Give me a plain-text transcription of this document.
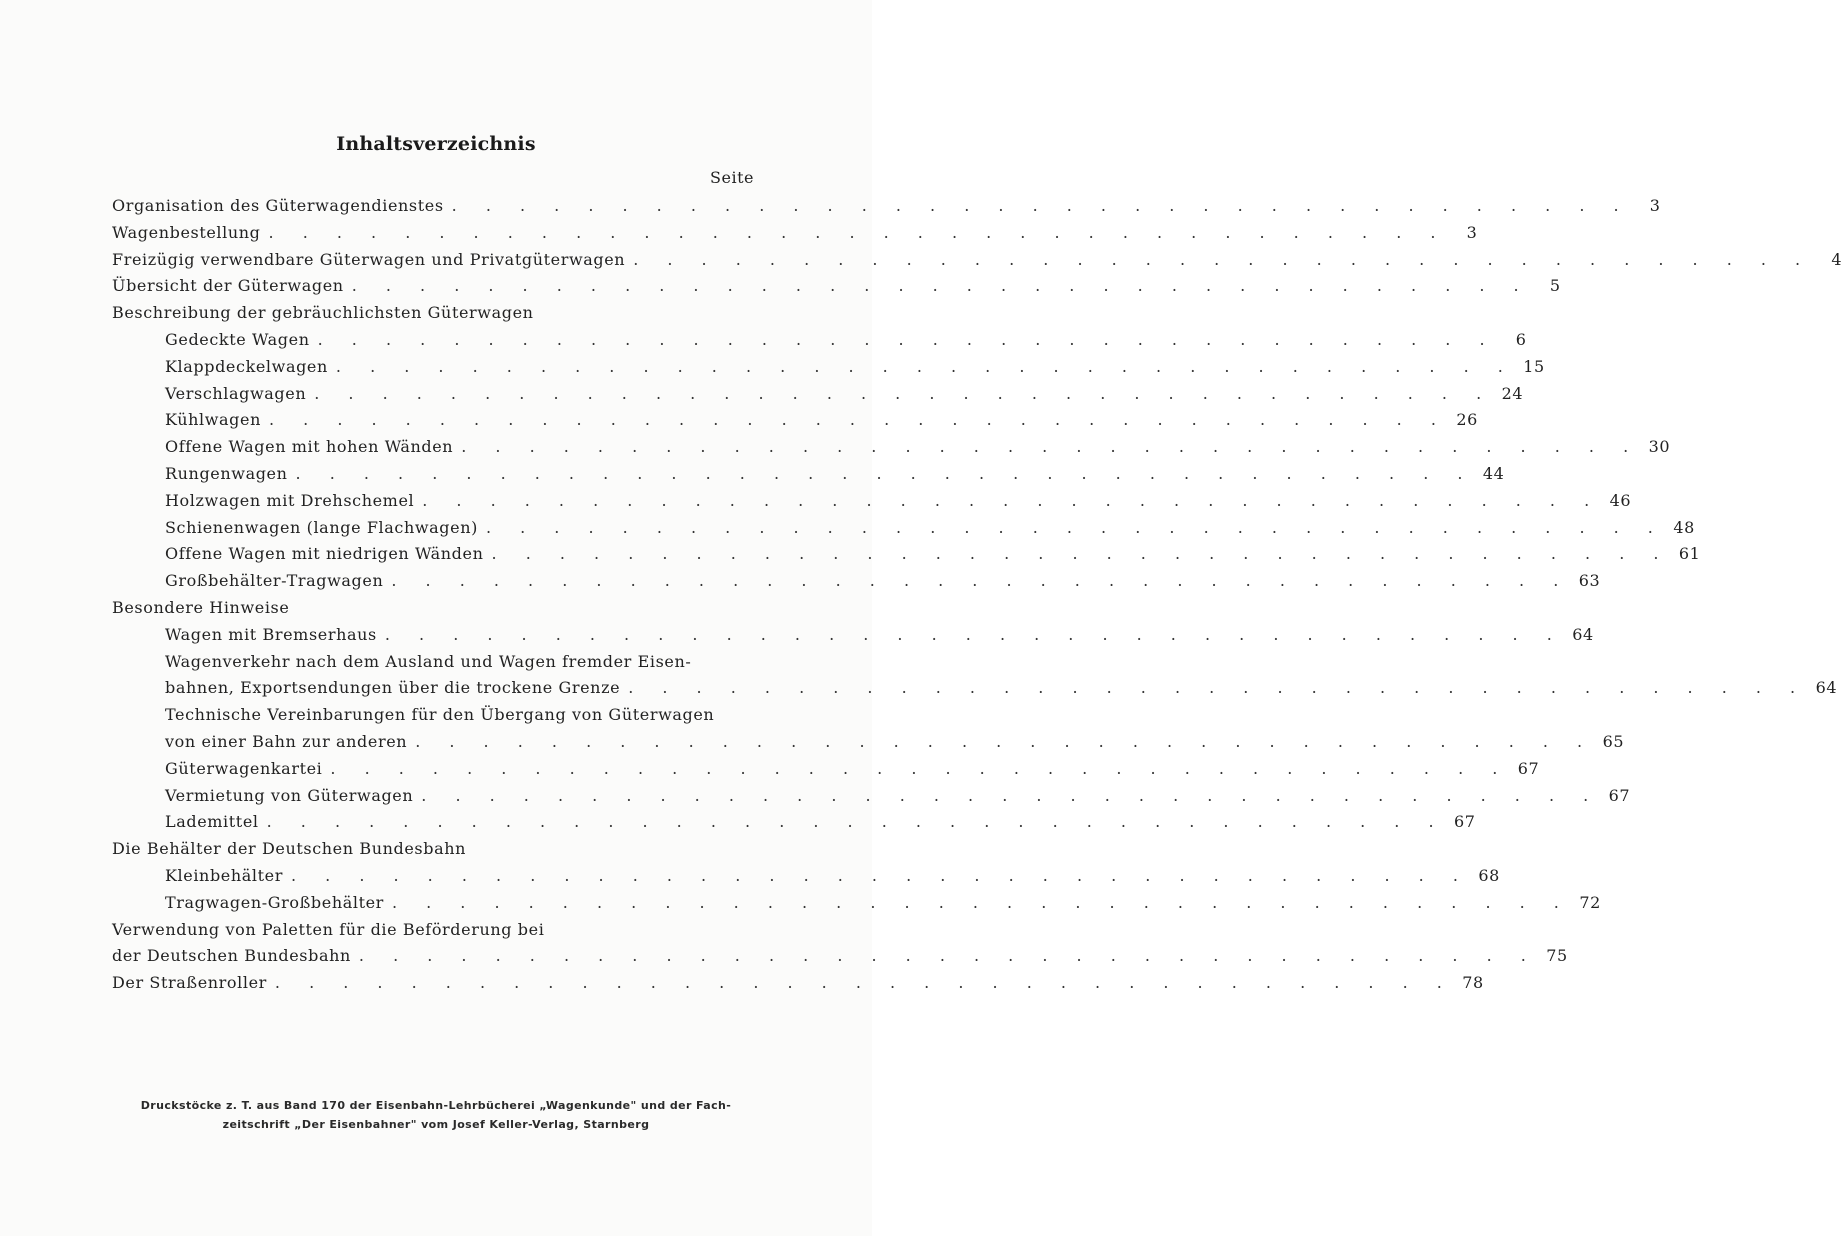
Inhaltsverzeichnis
Seite
Organisation des Güterwagendienstes . . . . . . . . . . . . . . . . . . . . . . . . . . . . . . . . . . .	3
Wagenbestellung . . . . . . . . . . . . . . . . . . . . . . . . . . . . . . . . . . .	3
Freizügig verwendbare Güterwagen und Privatgüterwagen . . . . . . . . . . . . . . . . . . . . . . . . . . . . . . . . . . .	4
Übersicht der Güterwagen . . . . . . . . . . . . . . . . . . . . . . . . . . . . . . . . . . .	5
Beschreibung der gebräuchlichsten Güterwagen
Gedeckte Wagen . . . . . . . . . . . . . . . . . . . . . . . . . . . . . . . . . . .	6
Klappdeckelwagen . . . . . . . . . . . . . . . . . . . . . . . . . . . . . . . . . . . 15
Verschlagwagen . . . . . . . . . . . . . . . . . . . . . . . . . . . . . . . . . . . 24
Kühlwagen . . . . . . . . . . . . . . . . . . . . . . . . . . . . . . . . . . . 26
Offene Wagen mit hohen Wänden . . . . . . . . . . . . . . . . . . . . . . . . . . . . . . . . . . . 30
Rungenwagen . . . . . . . . . . . . . . . . . . . . . . . . . . . . . . . . . . . 44
Holzwagen mit Drehschemel . . . . . . . . . . . . . . . . . . . . . . . . . . . . . . . . . . . 46
Schienenwagen (lange Flachwagen) . . . . . . . . . . . . . . . . . . . . . . . . . . . . . . . . . . . 48
Offene Wagen mit niedrigen Wänden . . . . . . . . . . . . . . . . . . . . . . . . . . . . . . . . . . . 61
Großbehälter-Tragwagen . . . . . . . . . . . . . . . . . . . . . . . . . . . . . . . . . . . 63
Besondere Hinweise
Wagen mit Bremserhaus . . . . . . . . . . . . . . . . . . . . . . . . . . . . . . . . . . . 64
Wagenverkehr nach dem Ausland und Wagen fremder Eisen-
bahnen, Exportsendungen über die trockene Grenze . . . . . . . . . . . . . . . . . . . . . . . . . . . . . . . . . . . 64
Technische Vereinbarungen für den Übergang von Güterwagen
von einer Bahn zur anderen . . . . . . . . . . . . . . . . . . . . . . . . . . . . . . . . . . . 65
Güterwagenkartei . . . . . . . . . . . . . . . . . . . . . . . . . . . . . . . . . . . 67
Vermietung von Güterwagen . . . . . . . . . . . . . . . . . . . . . . . . . . . . . . . . . . . 67
Lademittel . . . . . . . . . . . . . . . . . . . . . . . . . . . . . . . . . . . 67
Die Behälter der Deutschen Bundesbahn
Kleinbehälter . . . . . . . . . . . . . . . . . . . . . . . . . . . . . . . . . . . 68
Tragwagen-Großbehälter . . . . . . . . . . . . . . . . . . . . . . . . . . . . . . . . . . . 72
Verwendung von Paletten für die Beförderung bei
der Deutschen Bundesbahn . . . . . . . . . . . . . . . . . . . . . . . . . . . . . . . . . . . 75
Der Straßenroller . . . . . . . . . . . . . . . . . . . . . . . . . . . . . . . . . . . 78
Druckstöcke z. T. aus Band 170 der Eisenbahn-Lehrbücherei „Wagenkunde" und der Fach-
zeitschrift „Der Eisenbahner" vom Josef Keller-Verlag, Starnberg
